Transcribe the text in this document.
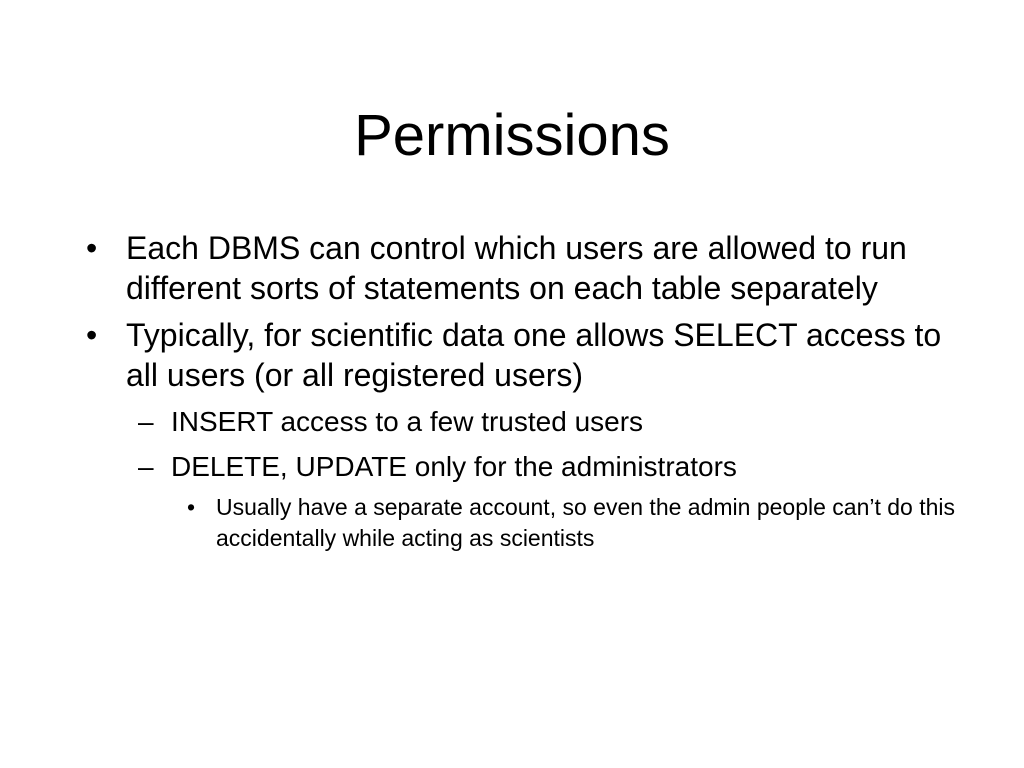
Permissions

• Each DBMS can control which users are allowed to run different sorts of statements on each table separately

• Typically, for scientific data one allows SELECT access to all users (or all registered users)

– INSERT access to a few trusted users

– DELETE, UPDATE only for the administrators

• Usually have a separate account, so even the admin people can’t do this accidentally while acting as scientists
